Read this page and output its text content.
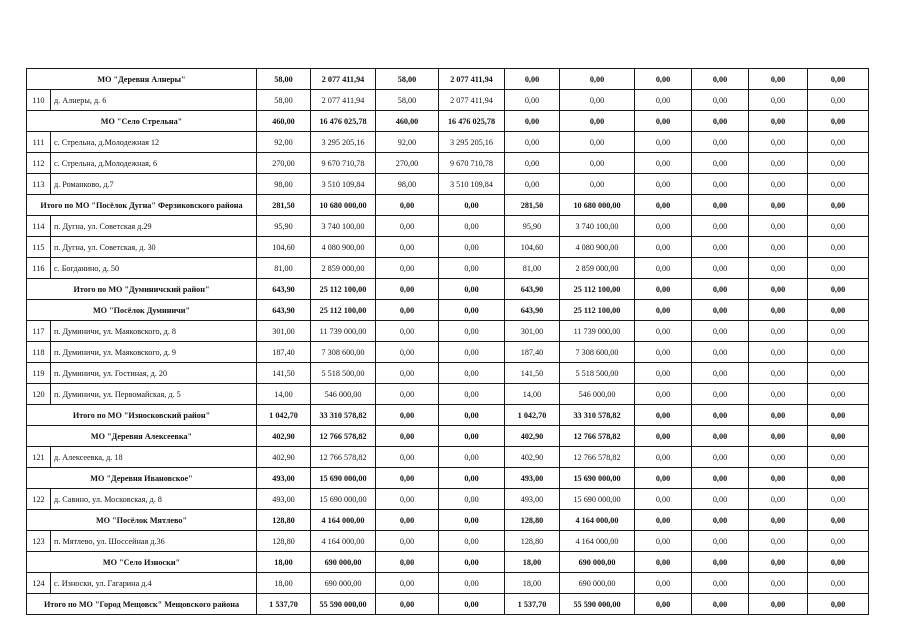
МО "Деревня Алнеры"		58,00	2 077 411,94	58,00	2 077 411,94	0,00	0,00	0,00	0,00	0,00	0,00
110	д. Алнеры, д. 6	58,00	2 077 411,94	58,00	2 077 411,94	0,00	0,00	0,00	0,00	0,00	0,00
МО "Село Стрельна"		460,00	16 476 025,78	460,00	16 476 025,78	0,00	0,00	0,00	0,00	0,00	0,00
111	с. Стрельна, д.Молодежная 12	92,00	3 295 205,16	92,00	3 295 205,16	0,00	0,00	0,00	0,00	0,00	0,00
112	с. Стрельна, д.Молодежная, 6	270,00	9 670 710,78	270,00	9 670 710,78	0,00	0,00	0,00	0,00	0,00	0,00
113	д. Романково, д.7	98,00	3 510 109,84	98,00	3 510 109,84	0,00	0,00	0,00	0,00	0,00	0,00
Итого по МО "Посёлок Дугна" Ферзиковского района		281,50	10 680 000,00	0,00	0,00	281,50	10 680 000,00	0,00	0,00	0,00	0,00
114	п. Дугна, ул. Советская д.29	95,90	3 740 100,00	0,00	0,00	95,90	3 740 100,00	0,00	0,00	0,00	0,00
115	п. Дугна, ул. Советская, д. 30	104,60	4 080 900,00	0,00	0,00	104,60	4 080 900,00	0,00	0,00	0,00	0,00
116	с. Богданино, д. 50	81,00	2 859 000,00	0,00	0,00	81,00	2 859 000,00	0,00	0,00	0,00	0,00
Итого по МО "Думиничский район"		643,90	25 112 100,00	0,00	0,00	643,90	25 112 100,00	0,00	0,00	0,00	0,00
МО "Посёлок Думиничи"		643,90	25 112 100,00	0,00	0,00	643,90	25 112 100,00	0,00	0,00	0,00	0,00
117	п. Думиничи, ул. Маяковского, д. 8	301,00	11 739 000,00	0,00	0,00	301,00	11 739 000,00	0,00	0,00	0,00	0,00
118	п. Думиничи, ул. Маяковского, д. 9	187,40	7 308 600,00	0,00	0,00	187,40	7 308 600,00	0,00	0,00	0,00	0,00
119	п. Думиничи, ул. Гостиная, д. 20	141,50	5 518 500,00	0,00	0,00	141,50	5 518 500,00	0,00	0,00	0,00	0,00
120	п. Думиничи, ул. Первомайская, д. 5	14,00	546 000,00	0,00	0,00	14,00	546 000,00	0,00	0,00	0,00	0,00
Итого по МО "Износковский район"		1 042,70	33 310 578,82	0,00	0,00	1 042,70	33 310 578,82	0,00	0,00	0,00	0,00
МО "Деревня Алексеевка"		402,90	12 766 578,82	0,00	0,00	402,90	12 766 578,82	0,00	0,00	0,00	0,00
121	д. Алексеевка, д. 18	402,90	12 766 578,82	0,00	0,00	402,90	12 766 578,82	0,00	0,00	0,00	0,00
МО "Деревня Ивановское"		493,00	15 690 000,00	0,00	0,00	493,00	15 690 000,00	0,00	0,00	0,00	0,00
122	д. Савино, ул. Московская, д. 8	493,00	15 690 000,00	0,00	0,00	493,00	15 690 000,00	0,00	0,00	0,00	0,00
МО "Посёлок Мятлево"		128,80	4 164 000,00	0,00	0,00	128,80	4 164 000,00	0,00	0,00	0,00	0,00
123	п. Мятлево, ул. Шоссейная д.36	128,80	4 164 000,00	0,00	0,00	128,80	4 164 000,00	0,00	0,00	0,00	0,00
МО "Село Износки"		18,00	690 000,00	0,00	0,00	18,00	690 000,00	0,00	0,00	0,00	0,00
124	с. Износки, ул. Гагарина д.4	18,00	690 000,00	0,00	0,00	18,00	690 000,00	0,00	0,00	0,00	0,00
Итого по МО "Город Мещовск" Мещовского района		1 537,70	55 590 000,00	0,00	0,00	1 537,70	55 590 000,00	0,00	0,00	0,00	0,00
